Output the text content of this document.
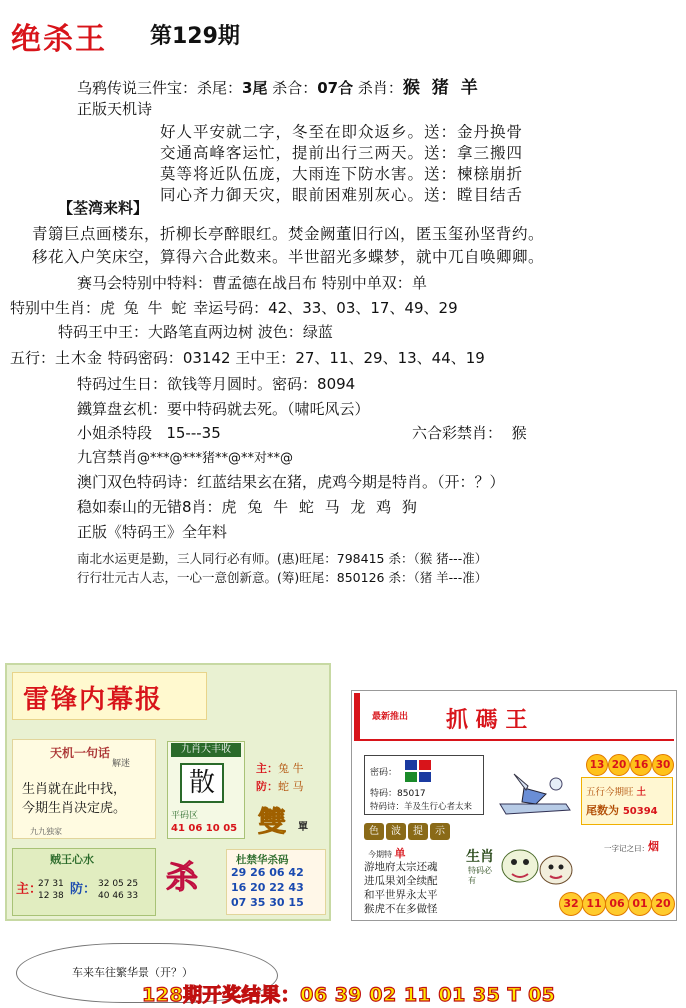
绝杀王 第129期
乌鸦传说三件宝：杀尾：3尾 杀合：07合 杀肖：猴 猪 羊
正版天机诗
好人平安就二字，冬至在即众返乡。送：金丹换骨
交通高峰客运忙，提前出行三两天。送：拿三搬四
莫等将近队伍庞，大雨连下防水害。送：楝榇崩折
同心齐力御天灾，眼前困难别灰心。送：瞠目结舌
【荃湾来料】
青篛巨点画楼东，折柳长亭醉眼红。焚金阙董旧行凶，匿玉玺孙坚背约。
移花入户笑床空，算得六合此数来。半世韶光多蝶梦，就中兀自唤卿卿。
赛马会特别中特料：曹孟德在战吕布 特别中单双：单
特别中生肖：虎 兔 牛 蛇 幸运号码：42、33、03、17、49、29
特码王中王：大路笔直两边树 波色：绿蓝
五行：土木金 特码密码：03142 王中王：27、11、29、13、44、19
特码过生日：欲钱等月圆时。密码：8094
鐵算盘玄机：要中特码就去死。（啸吒风云）
小姐杀特段 15---35	六合彩禁肖： 猴
九宫禁肖@***@***猪**@**对**@
澳门双色特码诗：红蓝结果玄在猪，虎鸡今期是特肖。（开：？）
稳如泰山的无错8肖：虎 兔 牛 蛇 马 龙 鸡 狗
正版《特码王》全年料
南北水运更是勤，三人同行必有师。(惠)旺尾：798415 杀：（猴 猪---准）
行行壮元古人志，一心一意创新意。(筹)旺尾：850126 杀：（猪 羊---准）
雷锋内幕报
天机一句话
解迷
生肖就在此中找，
今期生肖决定虎。
九九独家
九肖大丰收
散
平码区
41 06 10 05
主：兔 牛
防：蛇 马
雙 單
贼王心水
主：
27 31
12 38 防： 32 05 25
40 46 33 杀	杜禁华杀码
29 26 06 42
16 20 22 43
07 35 30 15
最新推出 抓 碼 王
13 20 16 30
密码：
特码：85017
特码诗：羊及生行心者太来
五行今期旺 土
尾数为 50394
色	波	提	示
今期特 单
游地府太宗还魂
进瓜果刘全续配
和平世界永太平
猴虎不在多做怪
生肖
特码必有
一字记之曰： 烟
32 11 06 01 20
车来车往繁华景（开？）
128期开奖结果：06 39 02 11 01 35 T 05
